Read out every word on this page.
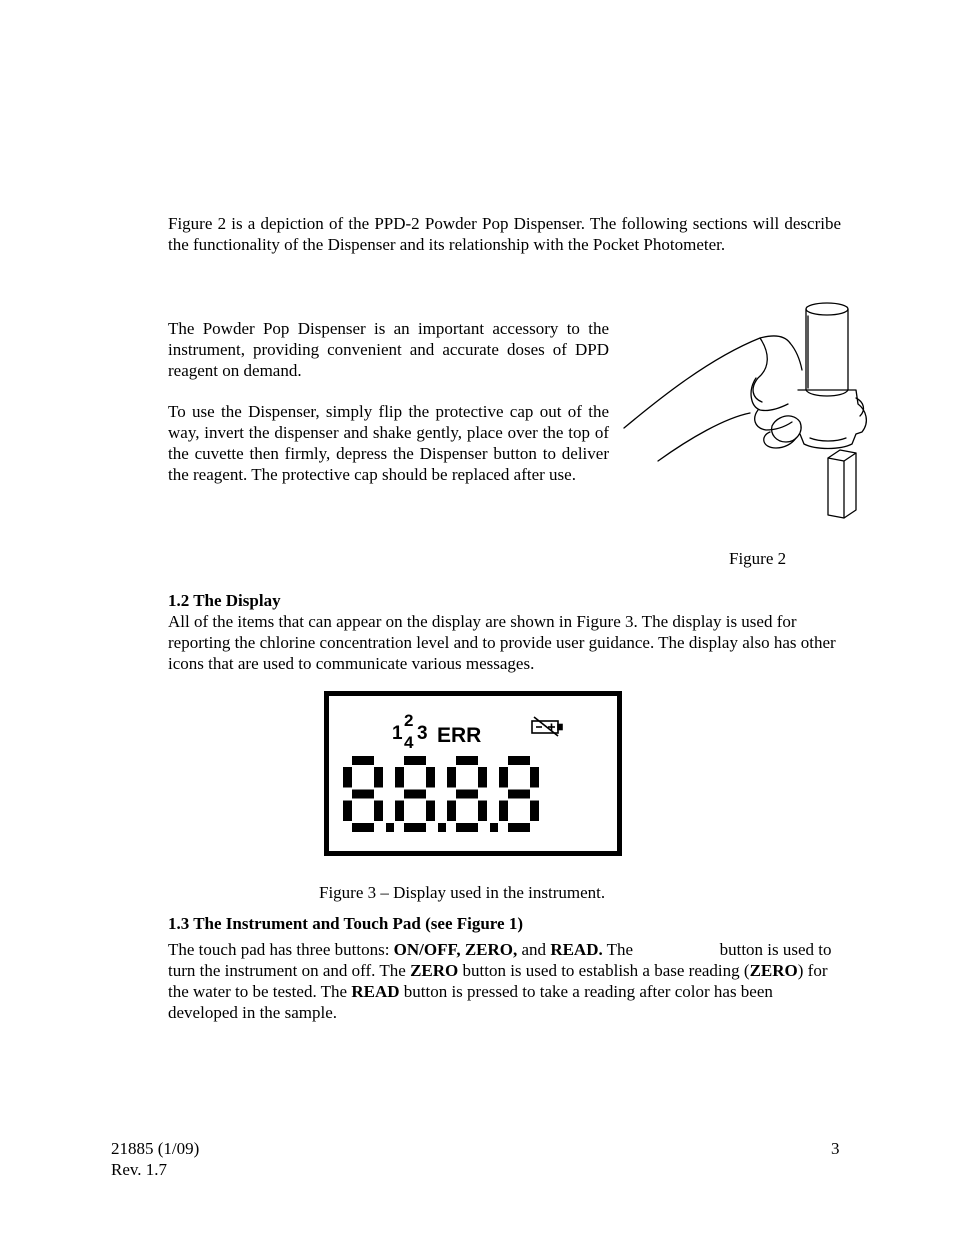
Figure 2 is a depiction of the PPD-2 Powder Pop Dispenser. The following sections will describe the functionality of the Dispenser and its relationship with the Pocket Photometer.

The Powder Pop Dispenser is an important accessory to the instrument, providing convenient and accurate doses of DPD reagent on demand.

To use the Dispenser, simply flip the protective cap out of the way, invert the dispenser and shake gently, place over the top of the cuvette then firmly, depress the Dispenser button to deliver the reagent. The protective cap should be replaced after use.

Figure 2
1.2 The Display

All of the items that can appear on the display are shown in Figure 3. The display is used for reporting the chlorine concentration level and to provide user guidance. The display also has other icons that are used to communicate various messages.

1
2
3
4 ERR
Figure 3 – Display used in the instrument.
1.3 The Instrument and Touch Pad (see Figure 1)

The touch pad has three buttons: ON/OFF, ZERO, and READ. The	button is used to turn the instrument on and off. The ZERO button is used to establish a base reading (ZERO) for the water to be tested. The READ button is pressed to take a reading after color has been developed in the sample.

21885 (1/09)
Rev. 1.7
3
